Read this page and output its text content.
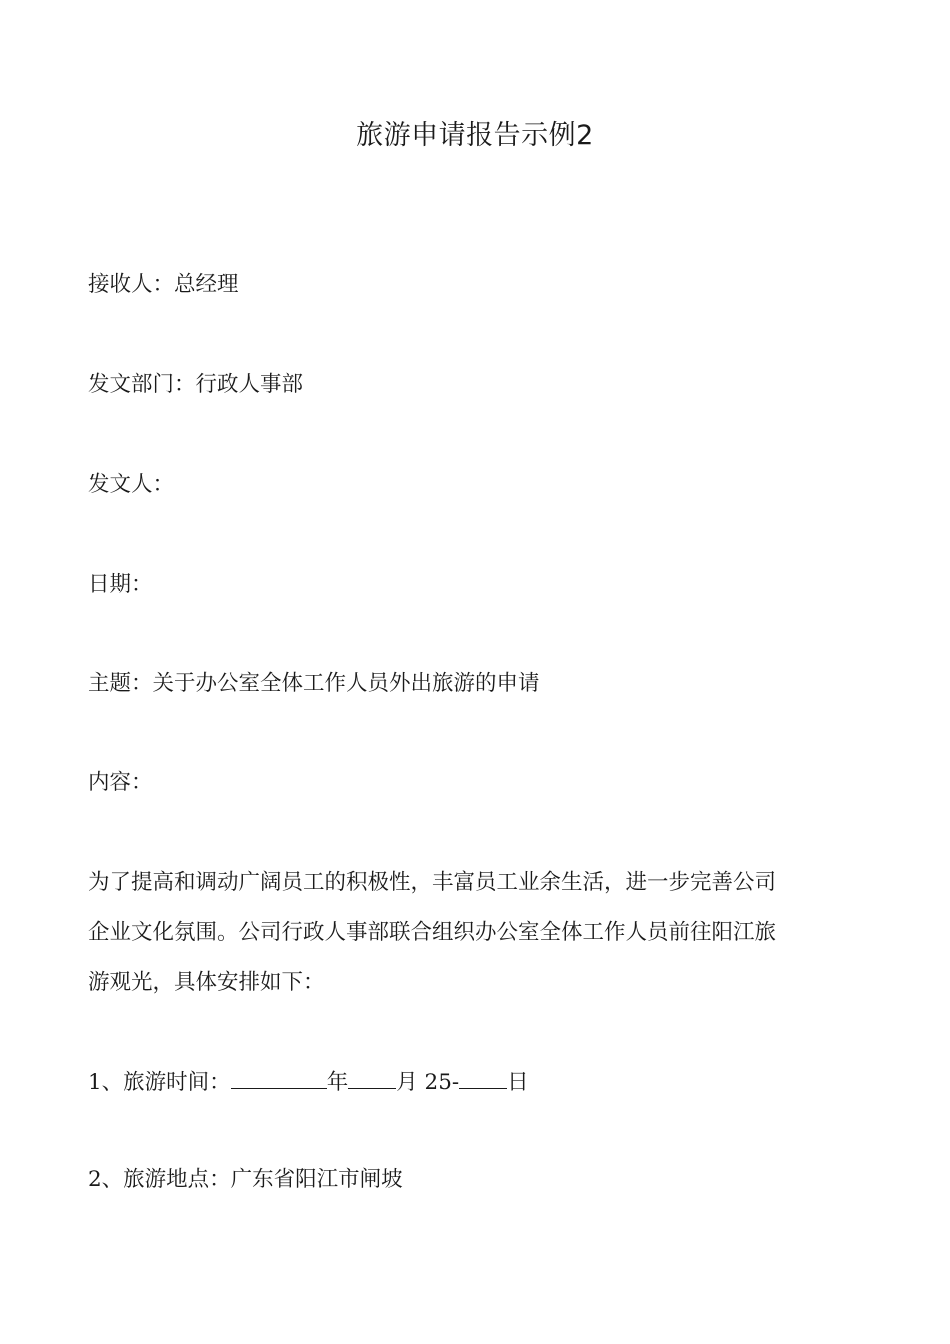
旅游申请报告示例2
接收人：总经理
发文部门：行政人事部
发文人：
日期：
主题：关于办公室全体工作人员外出旅游的申请
内容：
为了提高和调动广阔员工的积极性，丰富员工业余生活，进一步完善公司
企业文化氛围。公司行政人事部联合组织办公室全体工作人员前往阳江旅
游观光，具体安排如下：
1、旅游时间：	年 月 25- 日
2、旅游地点：广东省阳江市闸坡
